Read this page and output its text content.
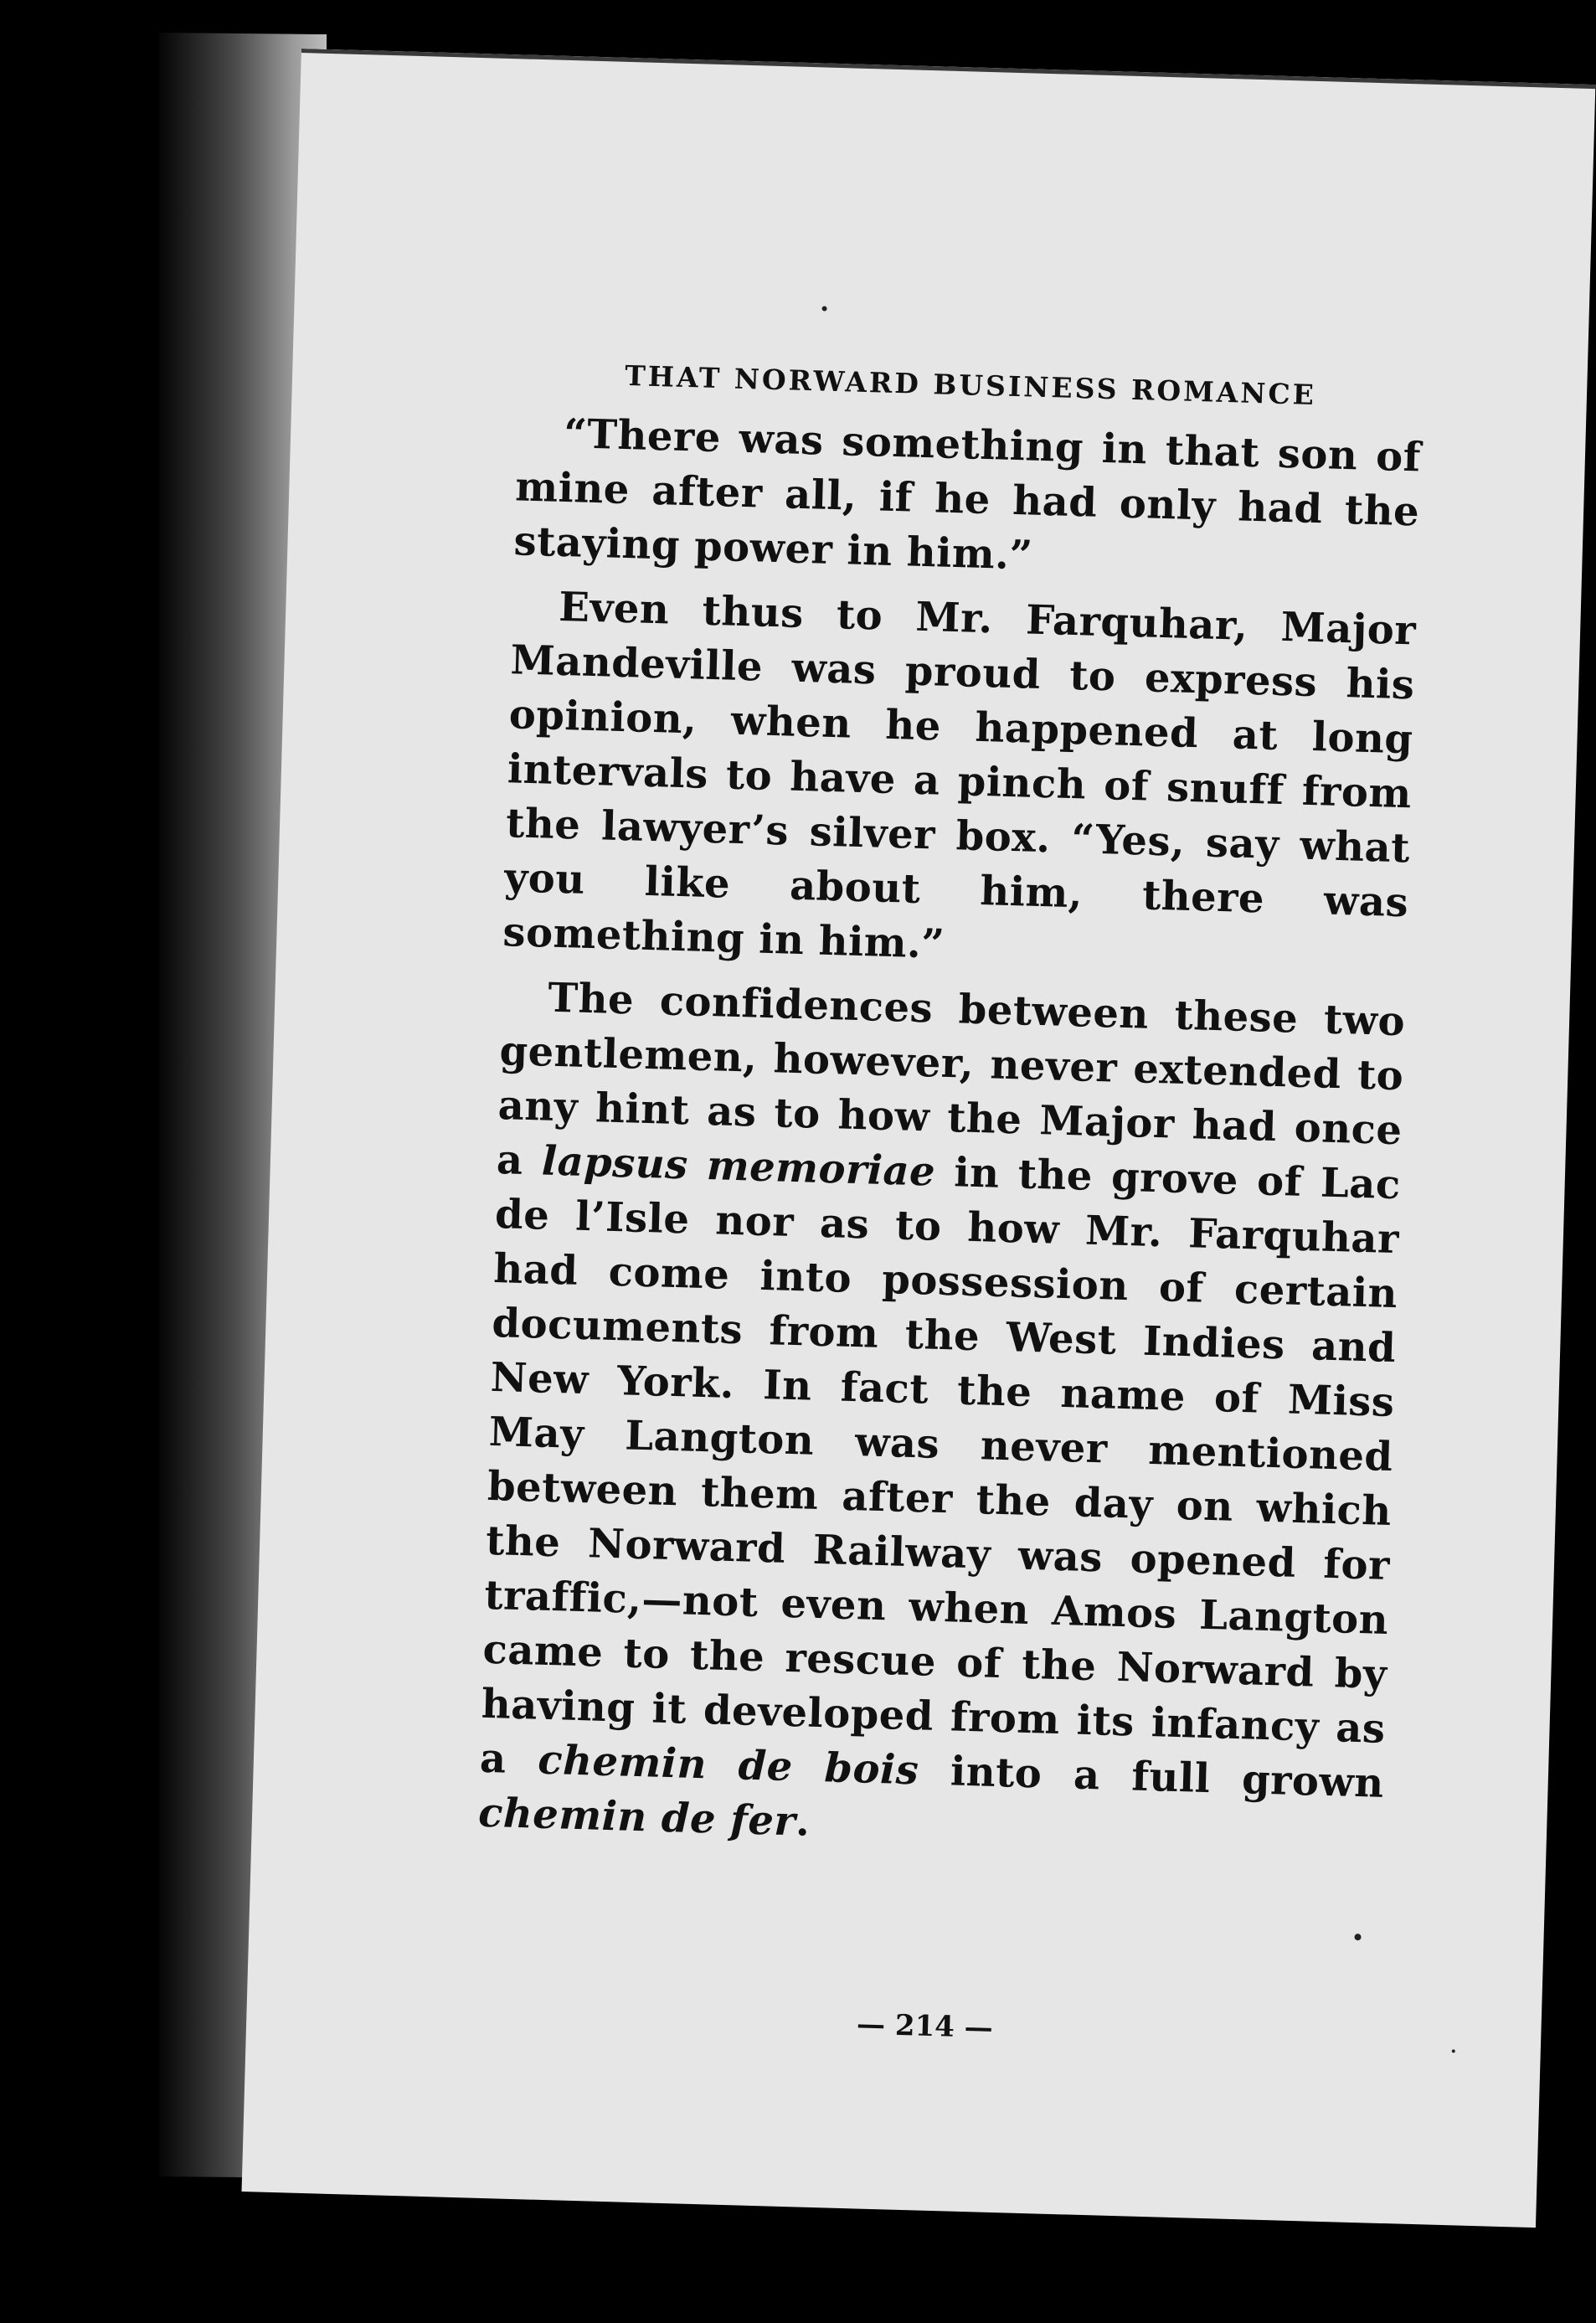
THAT NORWARD BUSINESS ROMANCE

“There was something in that son of mine after all, if he had only had the staying power in him.”

Even thus to Mr. Farquhar, Major Mandeville was proud to express his opinion, when he happened at long intervals to have a pinch of snuff from the lawyer’s silver box. “Yes, say what you like about him, there was something in him.”

The confidences between these two gentlemen, however, never extended to any hint as to how the Major had once a lapsus memoriae in the grove of Lac de l’Isle nor as to how Mr. Farquhar had come into possession of certain documents from the West Indies and New York. In fact the name of Miss May Langton was never mentioned between them after the day on which the Norward Railway was opened for traffic,—not even when Amos Langton came to the rescue of the Norward by having it developed from its infancy as a chemin de bois into a full grown chemin de fer.

— 214 —
